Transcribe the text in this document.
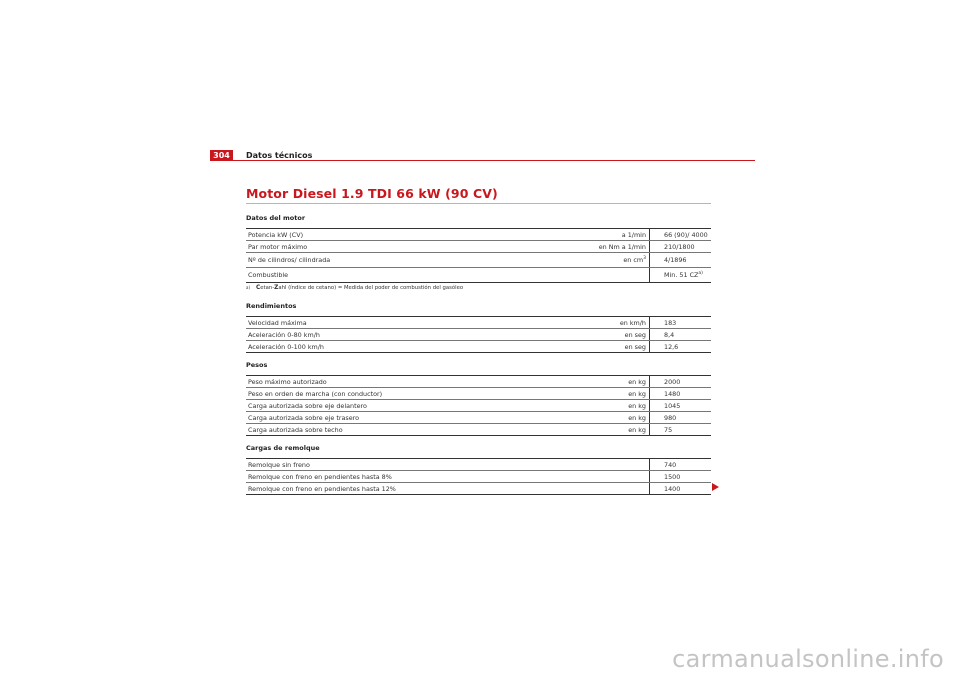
304	Datos técnicos
Motor Diesel 1.9 TDI 66 kW (90 CV)
Datos del motor
Potencia kW (CV)	a 1/min	66 (90)/ 4000
Par motor máximo	en Nm a 1/min	210/1800
Nº de cilindros/ cilindrada	en $cm^3$	4/1896
Combustible		Min. 51 CZ$^{a)}$
$^{a)}$ Cetan-Zahl (índice de cetano) = Medida del poder de combustión del gasóleo
Rendimientos
Velocidad máxima	en km/h	183
Aceleración 0-80 km/h	en seg	8,4
Aceleración 0-100 km/h	en seg	12,6
Pesos
Peso máximo autorizado	en kg	2000
Peso en orden de marcha (con conductor)	en kg	1480
Carga autorizada sobre eje delantero	en kg	1045
Carga autorizada sobre eje trasero	en kg	980
Carga autorizada sobre techo	en kg	75
Cargas de remolque
Remolque sin freno		740
Remolque con freno en pendientes hasta 8%		1500
Remolque con freno en pendientes hasta 12%		1400
carmanualsonline.info
